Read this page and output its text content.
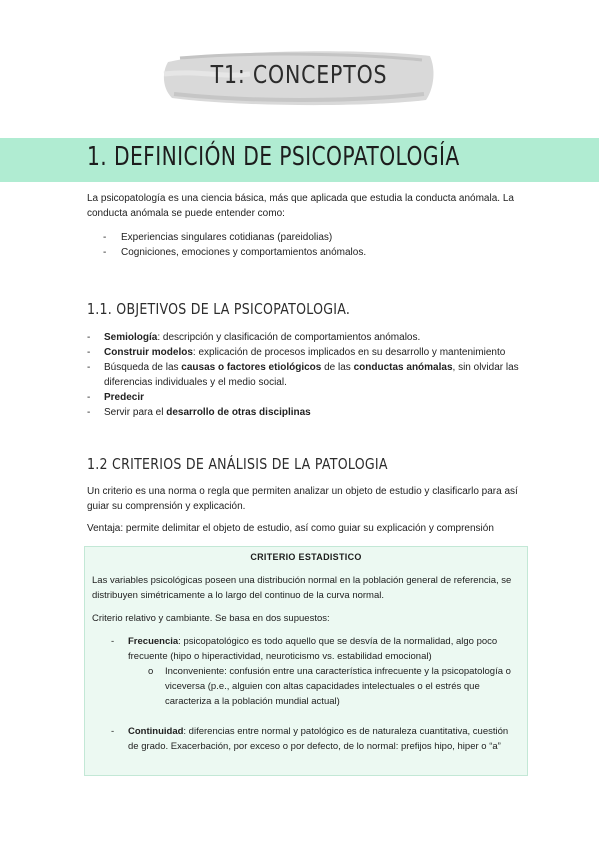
T1: CONCEPTOS
1. DEFINICIÓN DE PSICOPATOLOGÍA
La psicopatología es una ciencia básica, más que aplicada que estudia la conducta anómala. La conducta anómala se puede entender como:
- Experiencias singulares cotidianas (pareidolias)
- Cogniciones, emociones y comportamientos anómalos.
1.1. OBJETIVOS DE LA PSICOPATOLOGIA.
- Semiología: descripción y clasificación de comportamientos anómalos.
- Construir modelos: explicación de procesos implicados en su desarrollo y mantenimiento
- Búsqueda de las causas o factores etiológicos de las conductas anómalas, sin olvidar las diferencias individuales y el medio social.
- Predecir
- Servir para el desarrollo de otras disciplinas
1.2 CRITERIOS DE ANÁLISIS DE LA PATOLOGIA
Un criterio es una norma o regla que permiten analizar un objeto de estudio y clasificarlo para así guiar su comprensión y explicación.
Ventaja: permite delimitar el objeto de estudio, así como guiar su explicación y comprensión
CRITERIO ESTADISTICO
Las variables psicológicas poseen una distribución normal en la población general de referencia, se distribuyen simétricamente a lo largo del continuo de la curva normal.
Criterio relativo y cambiante. Se basa en dos supuestos:
- Frecuencia: psicopatológico es todo aquello que se desvía de la normalidad, algo poco frecuente (hipo o hiperactividad, neuroticismo vs. estabilidad emocional)
o Inconveniente: confusión entre una característica infrecuente y la psicopatología o viceversa (p.e., alguien con altas capacidades intelectuales o el estrés que caracteriza a la población mundial actual)
- Continuidad: diferencias entre normal y patológico es de naturaleza cuantitativa, cuestión de grado. Exacerbación, por exceso o por defecto, de lo normal: prefijos hipo, hiper o “a”
